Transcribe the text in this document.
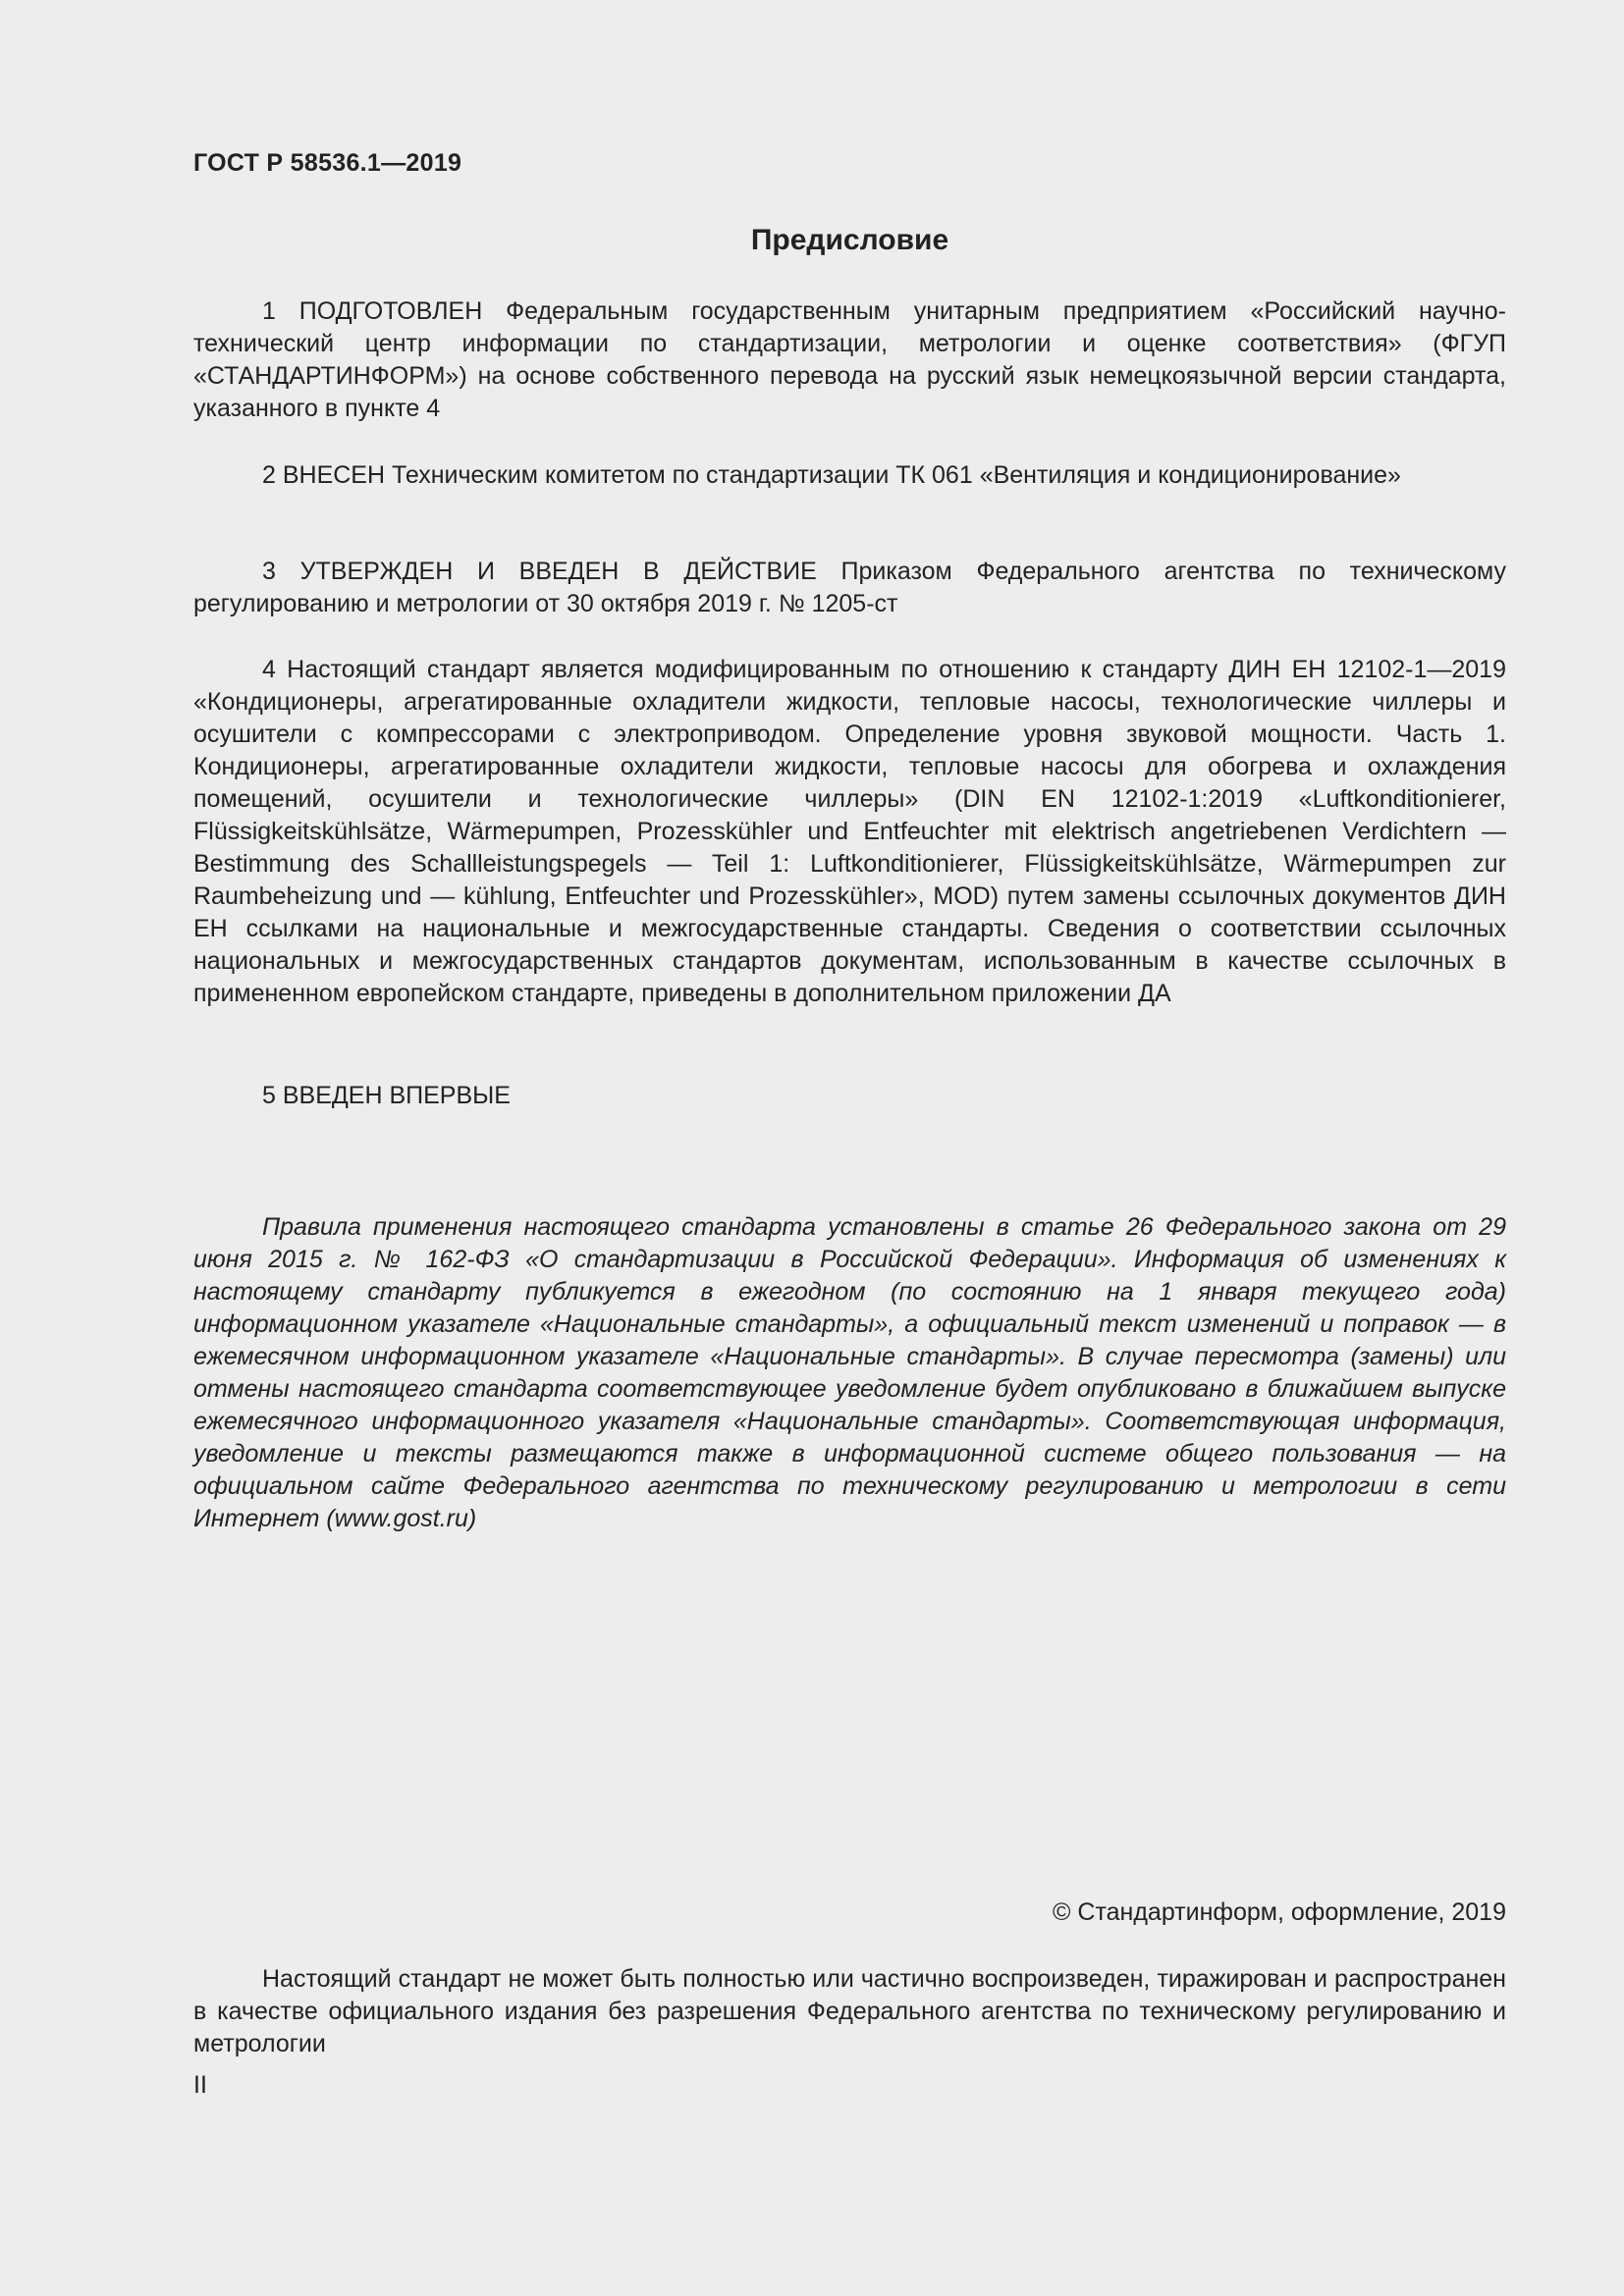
ГОСТ Р 58536.1—2019
Предисловие

1 ПОДГОТОВЛЕН Федеральным государственным унитарным предприятием «Российский научно-технический центр информации по стандартизации, метрологии и оценке соответствия» (ФГУП «СТАНДАРТИНФОРМ») на основе собственного перевода на русский язык немецкоязычной версии стандарта, указанного в пункте 4

2 ВНЕСЕН Техническим комитетом по стандартизации ТК 061 «Вентиляция и кондиционирование»

3 УТВЕРЖДЕН И ВВЕДЕН В ДЕЙСТВИЕ Приказом Федерального агентства по техническому регулированию и метрологии от 30 октября 2019 г. № 1205-ст

4 Настоящий стандарт является модифицированным по отношению к стандарту ДИН ЕН 12102-1—2019 «Кондиционеры, агрегатированные охладители жидкости, тепловые насосы, технологические чиллеры и осушители с компрессорами с электроприводом. Определение уровня звуковой мощности. Часть 1. Кондиционеры, агрегатированные охладители жидкости, тепловые насосы для обогрева и охлаждения помещений, осушители и технологические чиллеры» (DIN EN 12102-1:2019 «Luftkonditionierer, Flüssigkeitskühlsätze, Wärmepumpen, Prozesskühler und Entfeuchter mit elektrisch angetriebenen Verdichtern — Bestimmung des Schallleistungspegels — Teil 1: Luftkonditionierer, Flüssigkeitskühlsätze, Wärmepumpen zur Raumbeheizung und — kühlung, Entfeuchter und Prozesskühler», MOD) путем замены ссылочных документов ДИН ЕН ссылками на национальные и межгосударственные стандарты. Сведения о соответствии ссылочных национальных и межгосударственных стандартов документам, использованным в качестве ссылочных в примененном европейском стандарте, приведены в дополнительном приложении ДА

5 ВВЕДЕН ВПЕРВЫЕ

Правила применения настоящего стандарта установлены в статье 26 Федерального закона от 29 июня 2015 г. № 162-ФЗ «О стандартизации в Российской Федерации». Информация об изменениях к настоящему стандарту публикуется в ежегодном (по состоянию на 1 января текущего года) информационном указателе «Национальные стандарты», а официальный текст изменений и поправок — в ежемесячном информационном указателе «Национальные стандарты». В случае пересмотра (замены) или отмены настоящего стандарта соответствующее уведомление будет опубликовано в ближайшем выпуске ежемесячного информационного указателя «Национальные стандарты». Соответствующая информация, уведомление и тексты размещаются также в информационной системе общего пользования — на официальном сайте Федерального агентства по техническому регулированию и метрологии в сети Интернет (www.gost.ru)

© Стандартинформ, оформление, 2019

Настоящий стандарт не может быть полностью или частично воспроизведен, тиражирован и распространен в качестве официального издания без разрешения Федерального агентства по техническому регулированию и метрологии

II
